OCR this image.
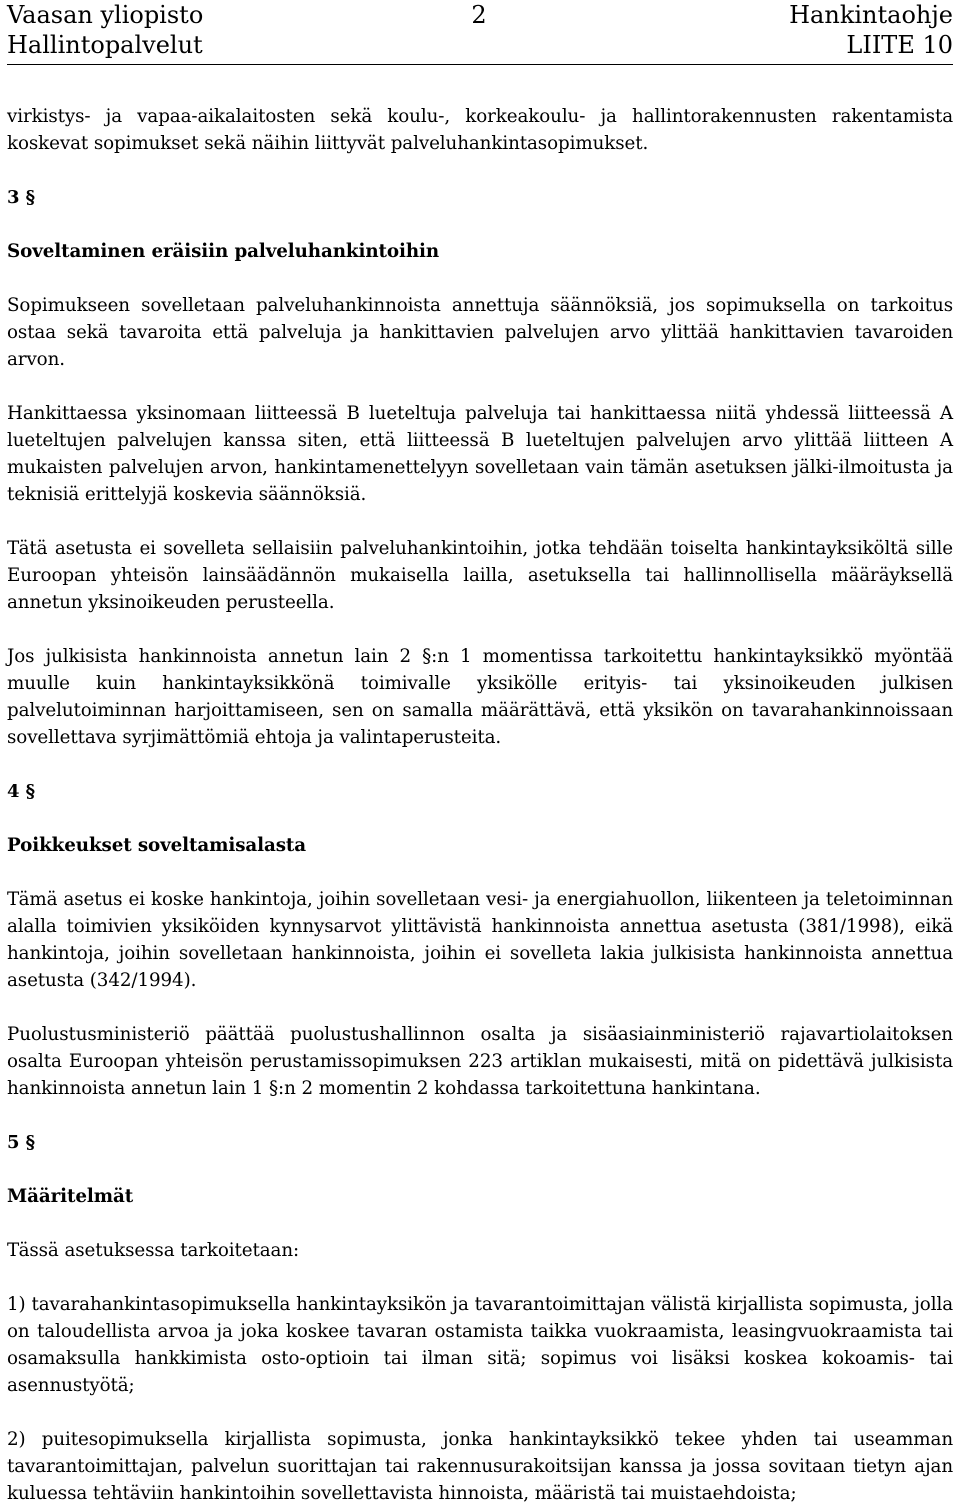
Vaasan yliopisto	2	Hankintaohje
Hallintopalvelut	LIITE 10

virkistys- ja vapaa-aikalaitosten sekä koulu-, korkeakoulu- ja hallintorakennusten rakentamista koskevat sopimukset sekä näihin liittyvät palveluhankintasopimukset.

3 §

Soveltaminen eräisiin palveluhankintoihin

Sopimukseen sovelletaan palveluhankinnoista annettuja säännöksiä, jos sopimuksella on tarkoitus ostaa sekä tavaroita että palveluja ja hankittavien palvelujen arvo ylittää hankittavien tavaroiden arvon.

Hankittaessa yksinomaan liitteessä B lueteltuja palveluja tai hankittaessa niitä yhdessä liitteessä A lueteltujen palvelujen kanssa siten, että liitteessä B lueteltujen palvelujen arvo ylittää liitteen A mukaisten palvelujen arvon, hankintamenettelyyn sovelletaan vain tämän asetuksen jälki-ilmoitusta ja teknisiä erittelyjä koskevia säännöksiä.

Tätä asetusta ei sovelleta sellaisiin palveluhankintoihin, jotka tehdään toiselta hankintayksiköltä sille Euroopan yhteisön lainsäädännön mukaisella lailla, asetuksella tai hallinnollisella määräyksellä annetun yksinoikeuden perusteella.

Jos julkisista hankinnoista annetun lain 2 §:n 1 momentissa tarkoitettu hankintayksikkö myöntää muulle kuin hankintayksikkönä toimivalle yksikölle erityis- tai yksinoikeuden julkisen palvelutoiminnan harjoittamiseen, sen on samalla määrättävä, että yksikön on tavarahankinnoissaan sovellettava syrjimättömiä ehtoja ja valintaperusteita.

4 §

Poikkeukset soveltamisalasta

Tämä asetus ei koske hankintoja, joihin sovelletaan vesi- ja energiahuollon, liikenteen ja teletoiminnan alalla toimivien yksiköiden kynnysarvot ylittävistä hankinnoista annettua asetusta (381/1998), eikä hankintoja, joihin sovelletaan hankinnoista, joihin ei sovelleta lakia julkisista hankinnoista annettua asetusta (342/1994).

Puolustusministeriö päättää puolustushallinnon osalta ja sisäasiainministeriö rajavartiolaitoksen osalta Euroopan yhteisön perustamissopimuksen 223 artiklan mukaisesti, mitä on pidettävä julkisista hankinnoista annetun lain 1 §:n 2 momentin 2 kohdassa tarkoitettuna hankintana.

5 §

Määritelmät

Tässä asetuksessa tarkoitetaan:

1) tavarahankintasopimuksella hankintayksikön ja tavarantoimittajan välistä kirjallista sopimusta, jolla on taloudellista arvoa ja joka koskee tavaran ostamista taikka vuokraamista, leasingvuokraamista tai osamaksulla hankkimista osto-optioin tai ilman sitä; sopimus voi lisäksi koskea kokoamis- tai asennustyötä;

2) puitesopimuksella kirjallista sopimusta, jonka hankintayksikkö tekee yhden tai useamman tavarantoimittajan, palvelun suorittajan tai rakennusurakoitsijan kanssa ja jossa sovitaan tietyn ajan kuluessa tehtäviin hankintoihin sovellettavista hinnoista, määristä tai muistaehdoista;
